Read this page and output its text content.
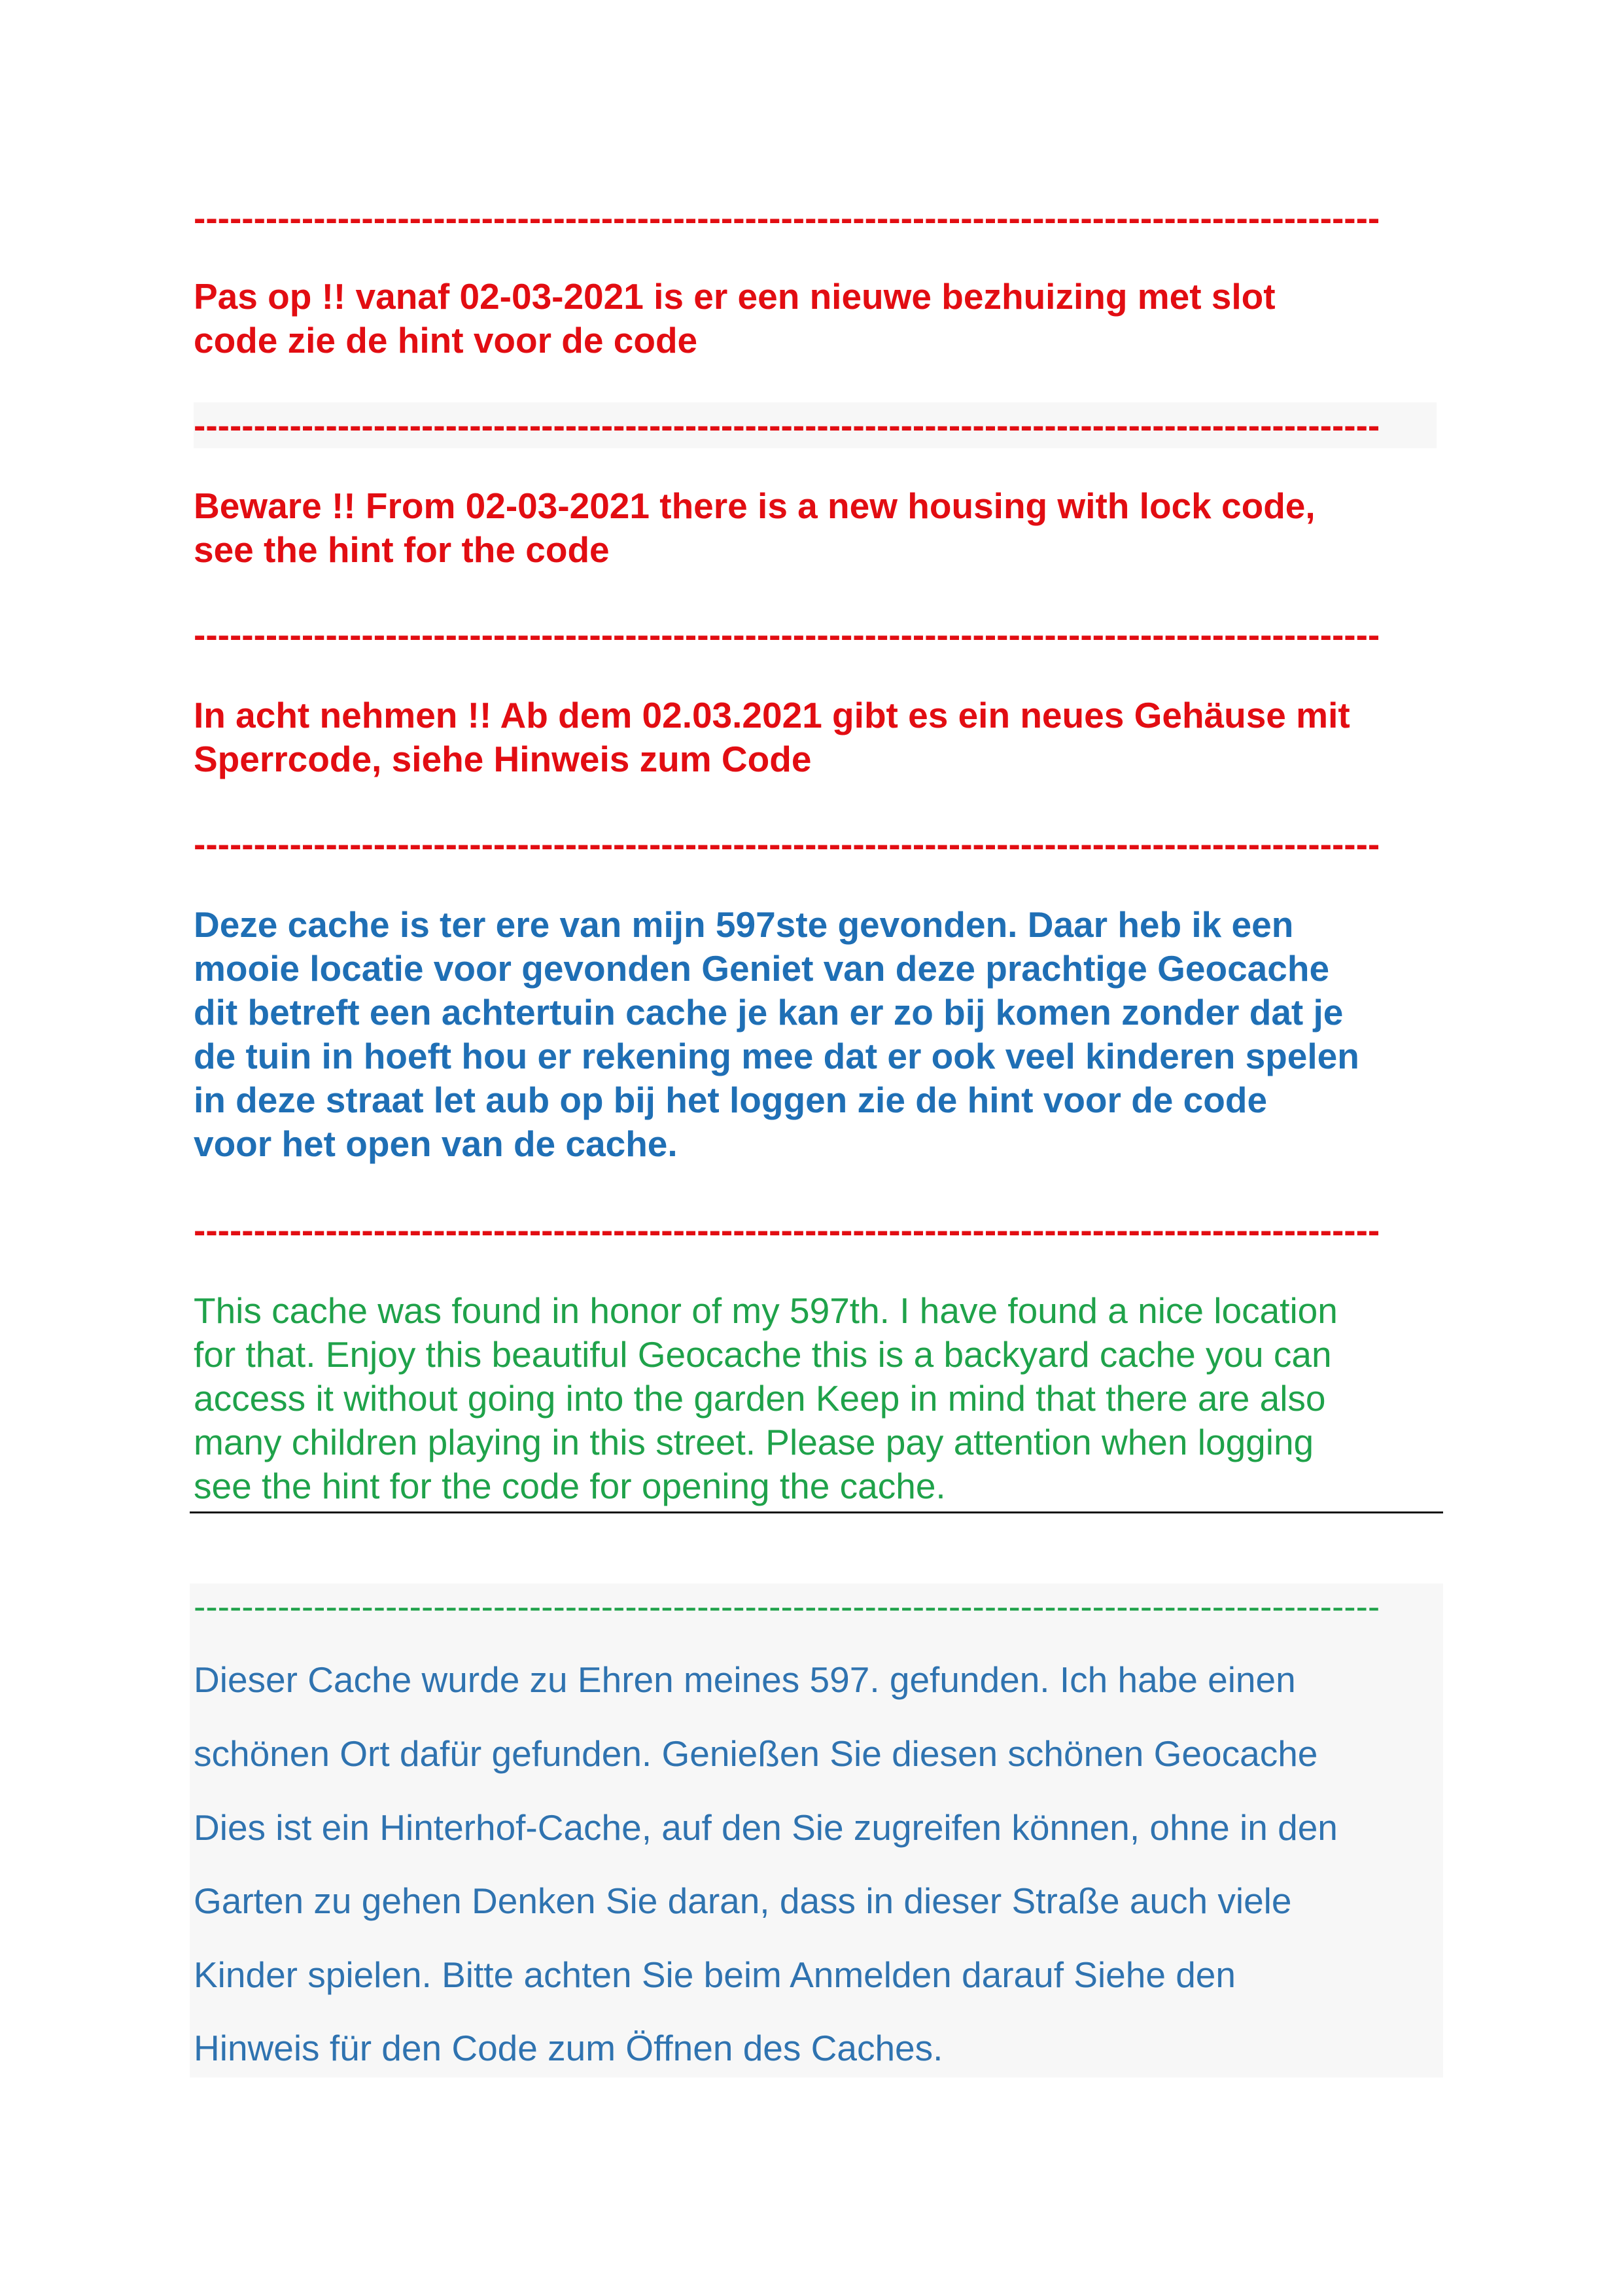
---------------------------------------------------------------------------------------------------
Pas op !! vanaf 02-03-2021 is er een nieuwe bezhuizing met slot
code zie de hint voor de code
---------------------------------------------------------------------------------------------------
Beware !! From 02-03-2021 there is a new housing with lock code,
see the hint for the code
---------------------------------------------------------------------------------------------------
In acht nehmen !! Ab dem 02.03.2021 gibt es ein neues Gehäuse mit
Sperrcode, siehe Hinweis zum Code
---------------------------------------------------------------------------------------------------
Deze cache is ter ere van mijn 597ste gevonden. Daar heb ik een
mooie locatie voor gevonden Geniet van deze prachtige Geocache
dit betreft een achtertuin cache je kan er zo bij komen zonder dat je
de tuin in hoeft hou er rekening mee dat er ook veel kinderen spelen
in deze straat let aub op bij het loggen zie de hint voor de code
voor het open van de cache.
---------------------------------------------------------------------------------------------------
This cache was found in honor of my 597th. I have found a nice location
for that. Enjoy this beautiful Geocache this is a backyard cache you can
access it without going into the garden Keep in mind that there are also
many children playing in this street. Please pay attention when logging
see the hint for the code for opening the cache.
---------------------------------------------------------------------------------------------------
Dieser Cache wurde zu Ehren meines 597. gefunden. Ich habe einen
schönen Ort dafür gefunden. Genießen Sie diesen schönen Geocache
Dies ist ein Hinterhof-Cache, auf den Sie zugreifen können, ohne in den
Garten zu gehen Denken Sie daran, dass in dieser Straße auch viele
Kinder spielen. Bitte achten Sie beim Anmelden darauf Siehe den
Hinweis für den Code zum Öffnen des Caches.
